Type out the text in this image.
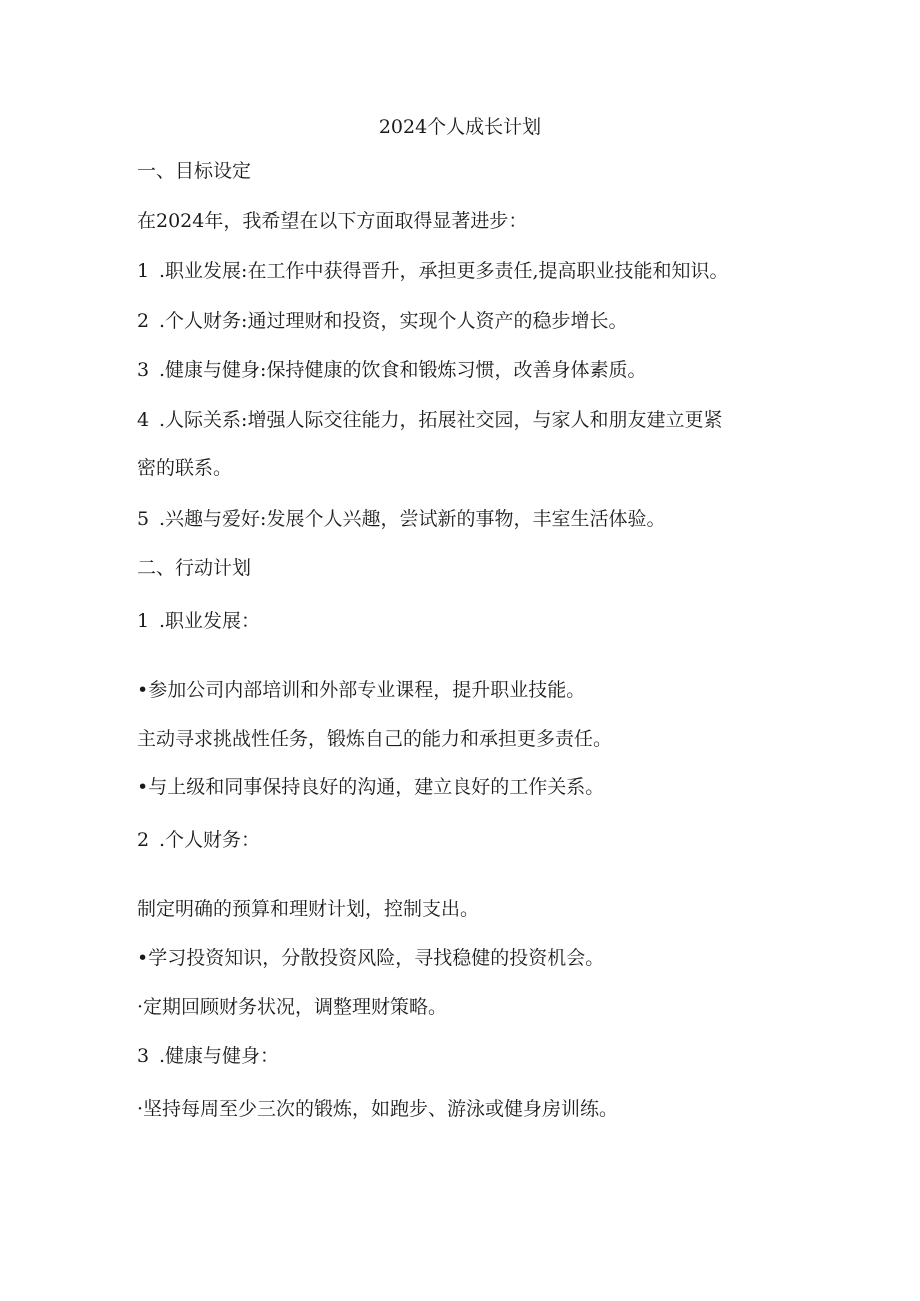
2024个人成长计划
一、目标设定
在2024年，我希望在以下方面取得显著进步：
1 .职业发展:在工作中获得晋升，承担更多责任,提高职业技能和知识。
2 .个人财务:通过理财和投资，实现个人资产的稳步增长。
3 .健康与健身:保持健康的饮食和锻炼习惯，改善身体素质。
4 .人际关系:增强人际交往能力，拓展社交园，与家人和朋友建立更紧
密的联系。
5 .兴趣与爱好:发展个人兴趣，尝试新的事物，丰室生活体验。
二、行动计划
1 .职业发展：
•参加公司内部培训和外部专业课程，提升职业技能。
主动寻求挑战性任务，锻炼自己的能力和承担更多责任。
•与上级和同事保持良好的沟通，建立良好的工作关系。
2 .个人财务：
制定明确的预算和理财计划，控制支出。
•学习投资知识，分散投资风险，寻找稳健的投资机会。
·定期回顾财务状况，调整理财策略。
3 .健康与健身：
·坚持每周至少三次的锻炼，如跑步、游泳或健身房训练。
